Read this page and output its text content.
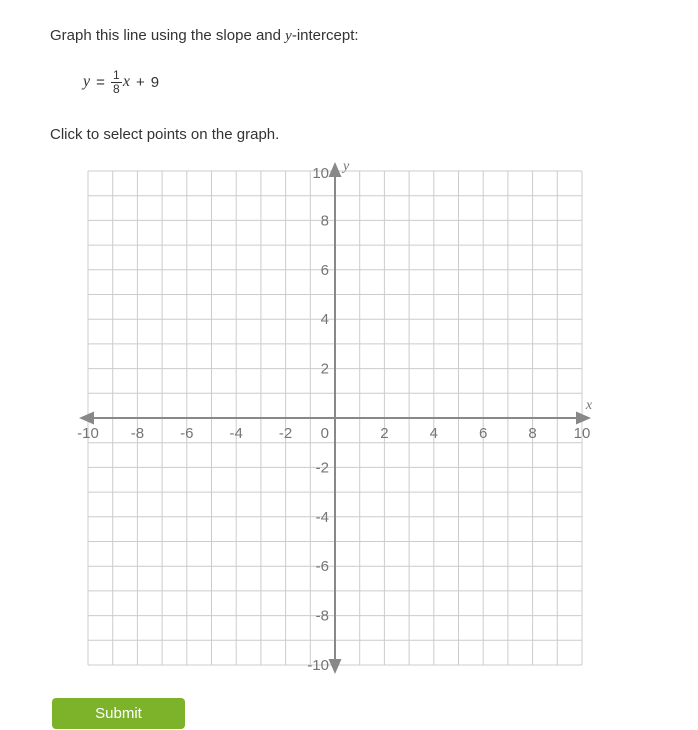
Graph this line using the slope and y-intercept:

$y = \frac{1}{8}$ x + 9

Click to select points on the graph.

-10 -8 -6 -4 -2 0	2	4	6	8 10
-10
-8
-6
-4
-2
2
4
6
8
10
x
y
Submit
